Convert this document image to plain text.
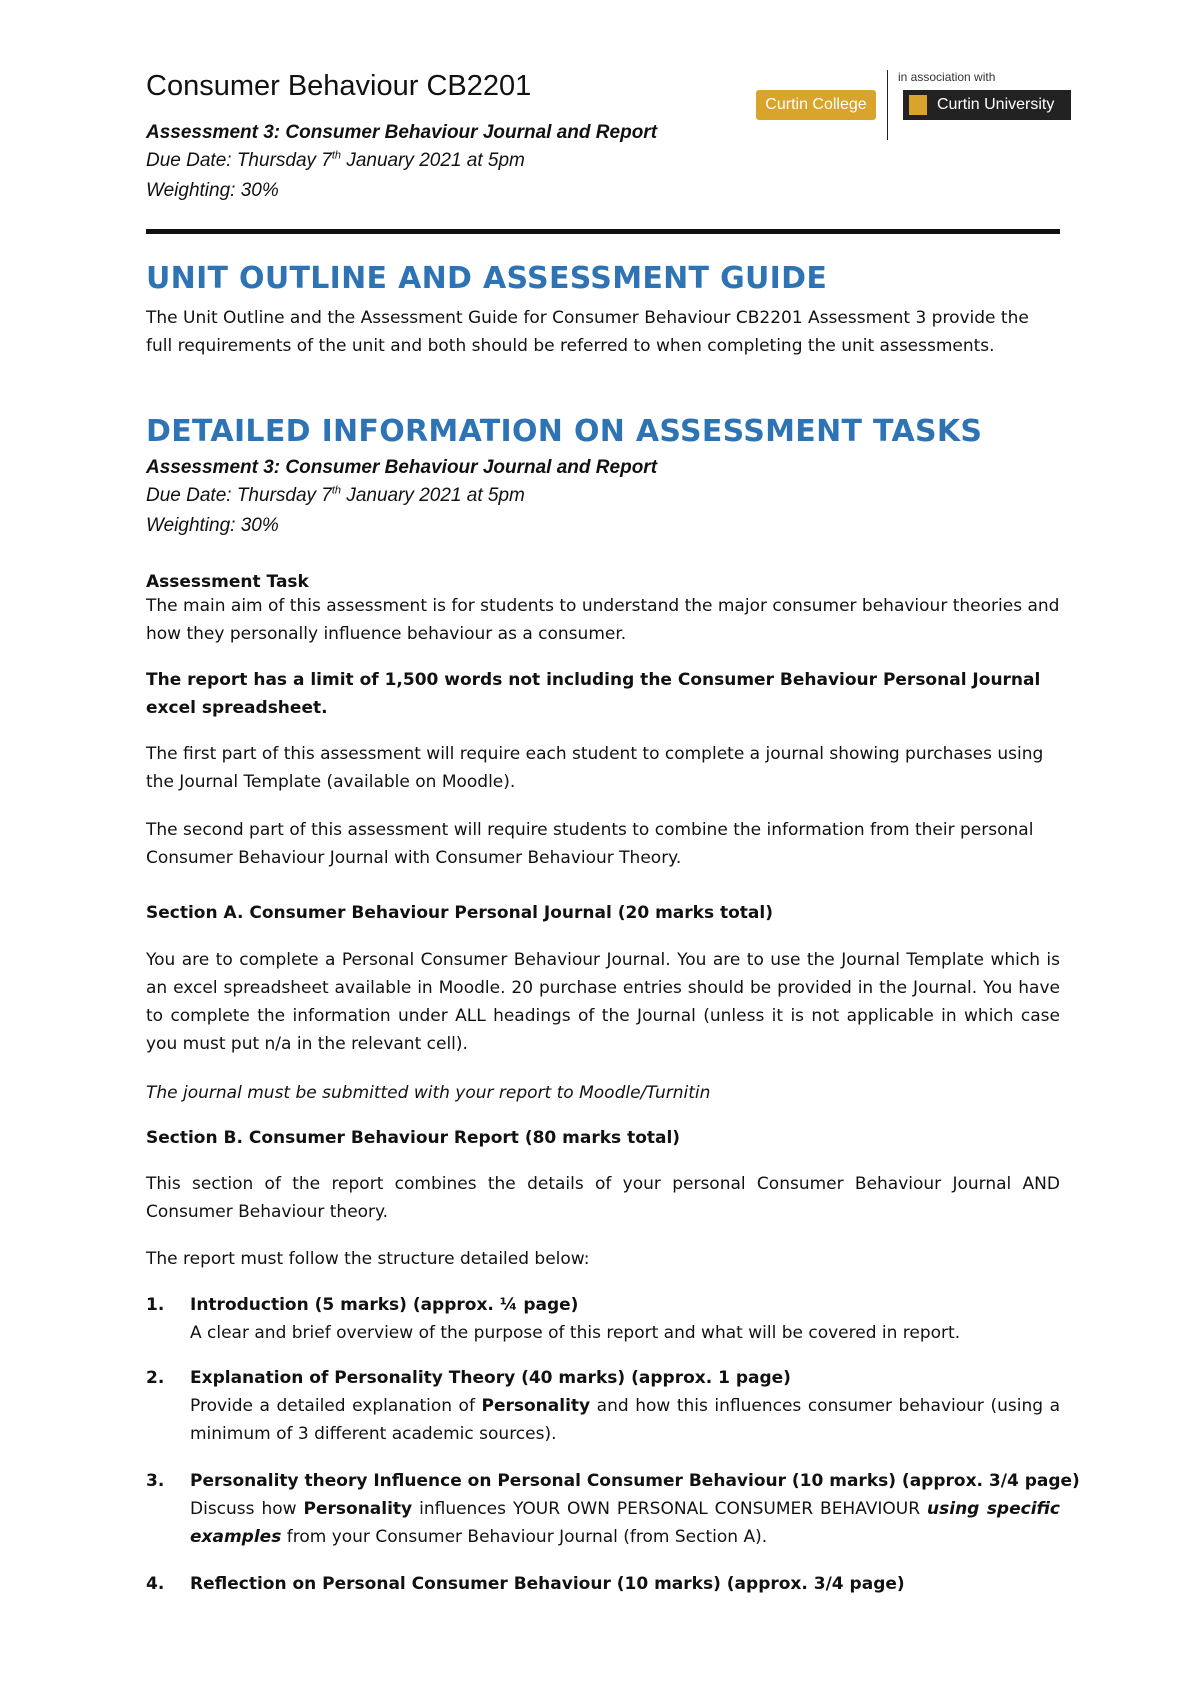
Consumer Behaviour CB2201
Assessment 3: Consumer Behaviour Journal and Report
Due Date: Thursday 7th January 2021 at 5pm
Weighting: 30%
Curtin College
in association with
Curtin University
UNIT OUTLINE AND ASSESSMENT GUIDE
The Unit Outline and the Assessment Guide for Consumer Behaviour CB2201 Assessment 3 provide the full requirements of the unit and both should be referred to when completing the unit assessments.
DETAILED INFORMATION ON ASSESSMENT TASKS
Assessment 3: Consumer Behaviour Journal and Report
Due Date: Thursday 7th January 2021 at 5pm
Weighting: 30%
Assessment Task
The main aim of this assessment is for students to understand the major consumer behaviour theories and how they personally influence behaviour as a consumer.
The report has a limit of 1,500 words not including the Consumer Behaviour Personal Journal excel spreadsheet.
The first part of this assessment will require each student to complete a journal showing purchases using the Journal Template (available on Moodle).
The second part of this assessment will require students to combine the information from their personal Consumer Behaviour Journal with Consumer Behaviour Theory.
Section A. Consumer Behaviour Personal Journal (20 marks total)
You are to complete a Personal Consumer Behaviour Journal. You are to use the Journal Template which is an excel spreadsheet available in Moodle. 20 purchase entries should be provided in the Journal. You have to complete the information under ALL headings of the Journal (unless it is not applicable in which case you must put n/a in the relevant cell).
The journal must be submitted with your report to Moodle/Turnitin
Section B. Consumer Behaviour Report (80 marks total)
This section of the report combines the details of your personal Consumer Behaviour Journal AND Consumer Behaviour theory.
The report must follow the structure detailed below:
1. Introduction (5 marks) (approx. ¼ page)
A clear and brief overview of the purpose of this report and what will be covered in report.
2. Explanation of Personality Theory (40 marks) (approx. 1 page)
Provide a detailed explanation of Personality and how this influences consumer behaviour (using a minimum of 3 different academic sources).
3. Personality theory Influence on Personal Consumer Behaviour (10 marks) (approx. 3/4 page)
Discuss how Personality influences YOUR OWN PERSONAL CONSUMER BEHAVIOUR using specific examples from your Consumer Behaviour Journal (from Section A).
4. Reflection on Personal Consumer Behaviour (10 marks) (approx. 3/4 page)
